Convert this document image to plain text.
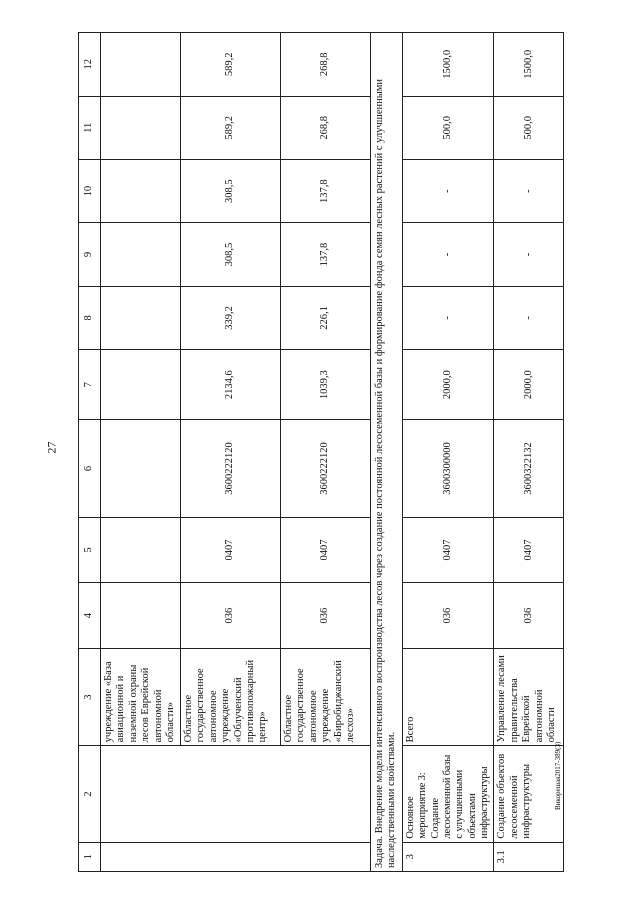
27
Викорешая2017-389(3)
1	2	3	4	5	6	7	8	9	10	11	12
		учреждение «База авиационной и наземной охраны лесов Еврейской автономной области»									
		Областное государственное автономное учреждение «Облученский противопожарный центр»	036	0407	3600222120	2134,6	339,2	308,5	308,5	589,2	589,2
		Областное государственное автономное учреждение «Биробиджанский лесхоз»	036	0407	3600222120	1039,3	226,1	137,8	137,8	268,8	268,8
Задача. Внедрение модели интенсивного воспроизводства лесов через создание постоянной лесосеменной базы и формирование фонда семян лесных растений с улучшенными наследственными свойствами.											
3	Основное мероприятие 3: Создание лесосеменной базы с улучшенными объектами инфраструктуры	Всего	036	0407	3600300000	2000,0	-	-	-	500,0	1500,0
3.1	Создание объектов лесосеменной инфраструктуры	Управление лесами правительства Еврейской автономной области	036	0407	3600322132	2000,0	-	-	-	500,0	1500,0
